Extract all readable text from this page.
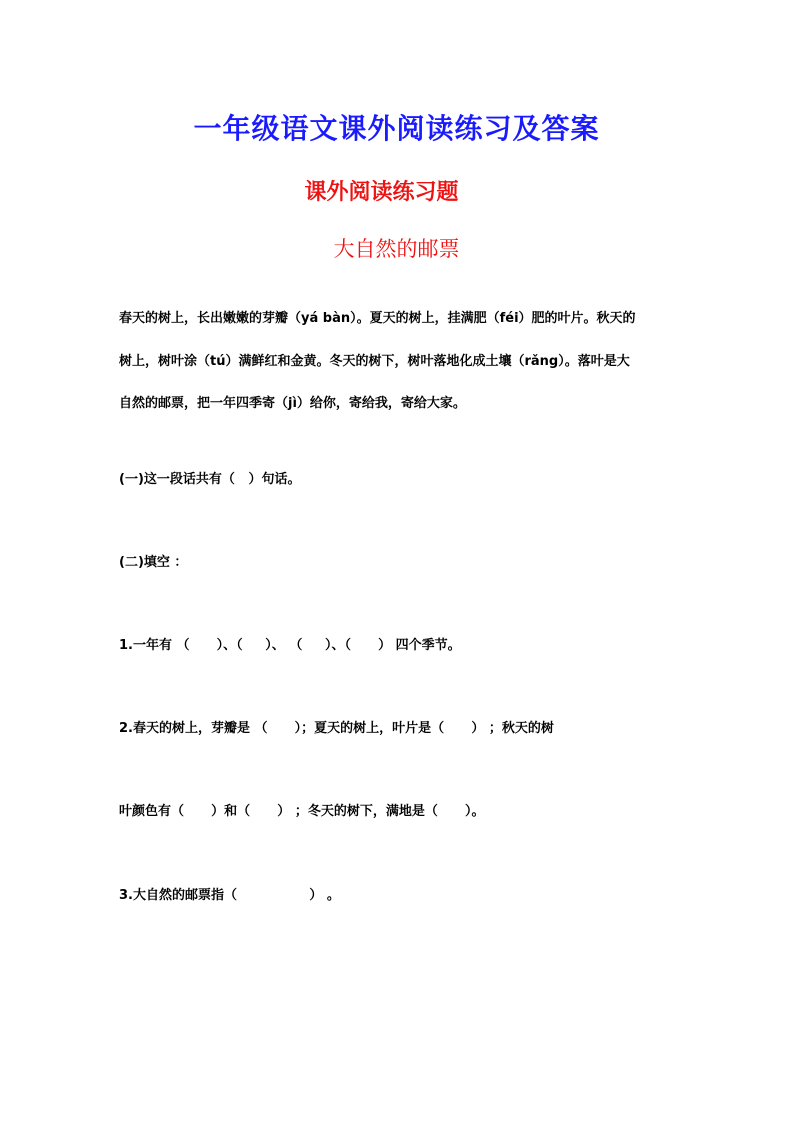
一年级语文课外阅读练习及答案
课外阅读练习题
大自然的邮票

春天的树上，长出嫩嫩的芽瓣（yá bàn）。夏天的树上，挂满肥（féi）肥的叶片。秋天的
树上，树叶涂（tú）满鲜红和金黄。冬天的树下，树叶落地化成土壤（rǎng）。落叶是大
自然的邮票，把一年四季寄（jì）给你，寄给我，寄给大家。

(一)这一段话共有（   ）句话。

(二)填空 ：

1.一年有 （      ）、（     ）、 （     ）、（      ） 四个季节。

2.春天的树上，芽瓣是 （      ）；夏天的树上，叶片是（      ） ；秋天的树

叶颜色有（      ）和（      ） ；冬天的树下，满地是（      ）。

3.大自然的邮票指（                ） 。
